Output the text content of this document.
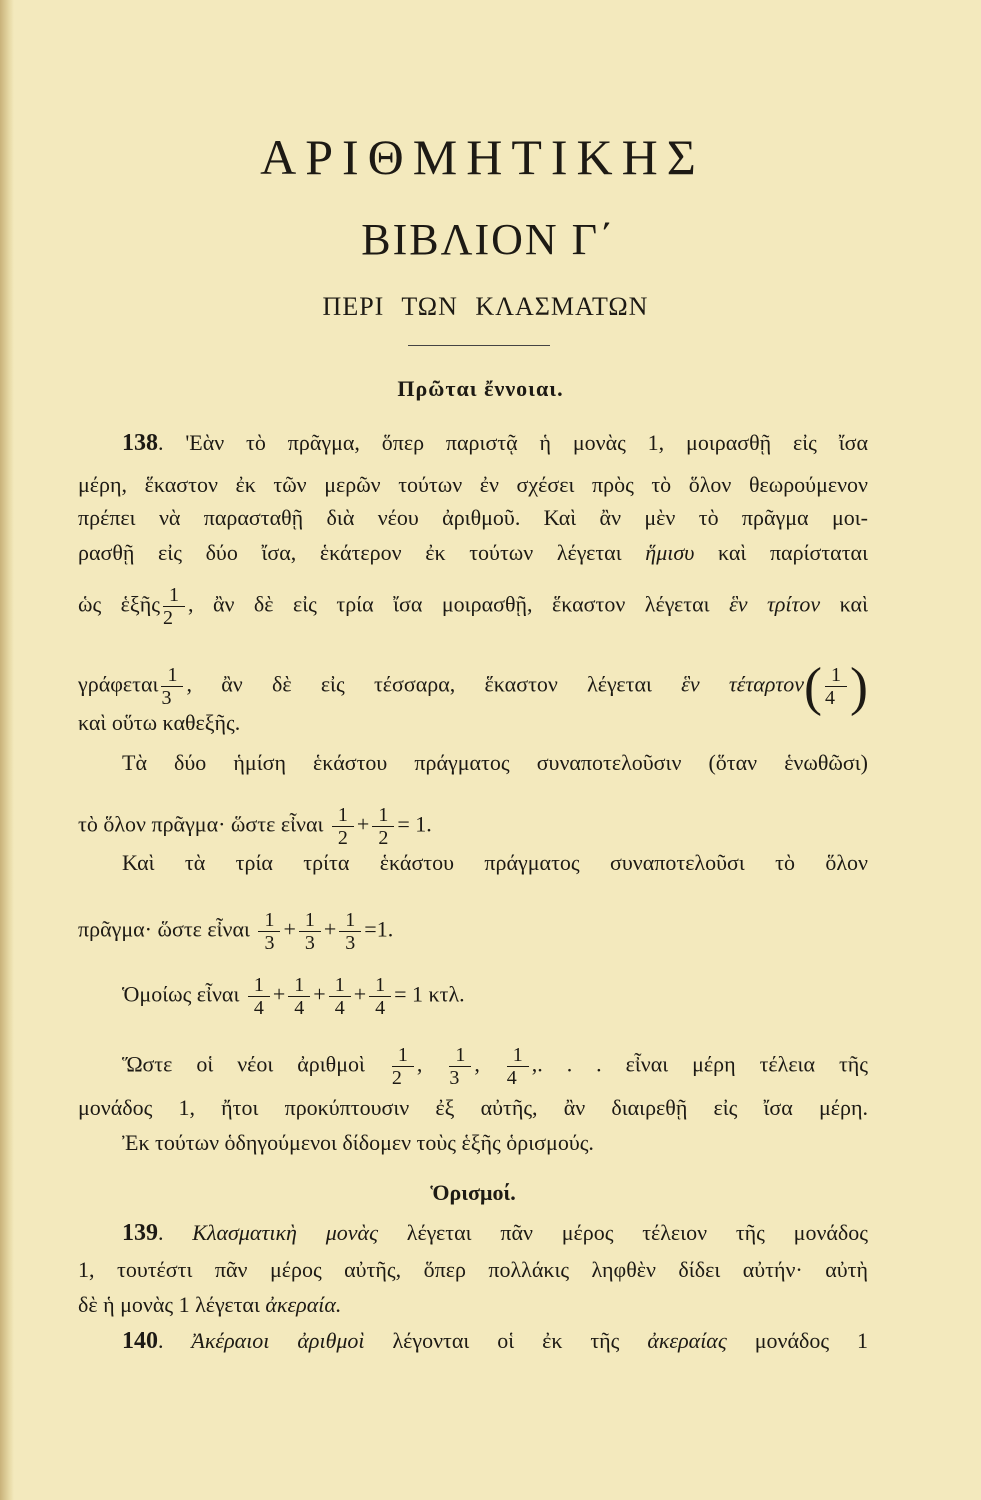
ΑΡΙΘΜΗΤΙΚΗΣ
ΒΙΒΛΙΟΝ Γ΄
ΠΕΡΙ ΤΩΝ ΚΛΑΣΜΑΤΩΝ
Πρῶται ἔννοιαι.
138. 'Εὰν τὸ πρᾶγμα, ὅπερ παριστᾷ ἡ μονὰς 1, μοιρασθῇ εἰς ἴσα
μέρη, ἕκαστον ἐκ τῶν μερῶν τούτων ἐν σχέσει πρὸς τὸ ὅλον θεωρούμενον
πρέπει νὰ παρασταθῇ διὰ νέου ἀριθμοῦ. Καὶ ἂν μὲν τὸ πρᾶγμα μοι-
ρασθῇ εἰς δύο ἴσα, ἑκάτερον ἐκ τούτων λέγεται ἥμισυ καὶ παρίσταται
ὡς ἑξῆς $\frac{1}{2}$ , ἂν δὲ εἰς τρία ἴσα μοιρασθῇ, ἕκαστον λέγεται ἓν τρίτον καὶ
γράφεται $\frac{1}{3}$ , ἂν δὲ εἰς τέσσαρα, ἕκαστον λέγεται ἓν $\tau έ\tau\alpha\rho\tau o\nu( \frac{1}{4}$ )
καὶ οὕτω καθεξῆς.
Τὰ δύο ἡμίση ἑκάστου πράγματος συναποτελοῦσιν (ὅταν ἑνωθῶσι)
τὸ ὅλον πρᾶγμα· ὥστε εἶναι $\frac{1}{2} + \frac{1}{2} = 1$.
Καὶ τὰ τρία τρίτα ἑκάστου πράγματος συναποτελοῦσι τὸ ὅλον
πρᾶγμα· ὥστε εἶναι $\frac{1}{3} + \frac{1}{3} + \frac{1}{3} =1$.
Ὁμοίως εἶναι $\frac{1}{4} + \frac{1}{4} + \frac{1}{4} + \frac{1}{4} = 1$ κτλ.
Ὥστε οἱ νέοι ἀριθμοὶ $\frac{1}{2}$ , $\frac{1}{3}$ , $\frac{1}{4}$ ,. . . εἶναι μέρη τέλεια τῆς
μονάδος 1, ἤτοι προκύπτουσιν ἐξ αὐτῆς, ἂν διαιρεθῇ εἰς ἴσα μέρη.
Ἐκ τούτων ὁδηγούμενοι δίδομεν τοὺς ἑξῆς ὁρισμούς.
Ὁρισμοί.
139. Κλασματικὴ μονὰς λέγεται πᾶν μέρος τέλειον τῆς μονάδος
1, τουτέστι πᾶν μέρος αὐτῆς, ὅπερ πολλάκις ληφθὲν δίδει αὐτήν· αὐτὴ
δὲ ἡ μονὰς 1 λέγεται ἀκεραία.
140. Ἀκέραιοι ἀριθμοὶ λέγονται οἱ ἐκ τῆς ἀκεραίας μονάδος 1
